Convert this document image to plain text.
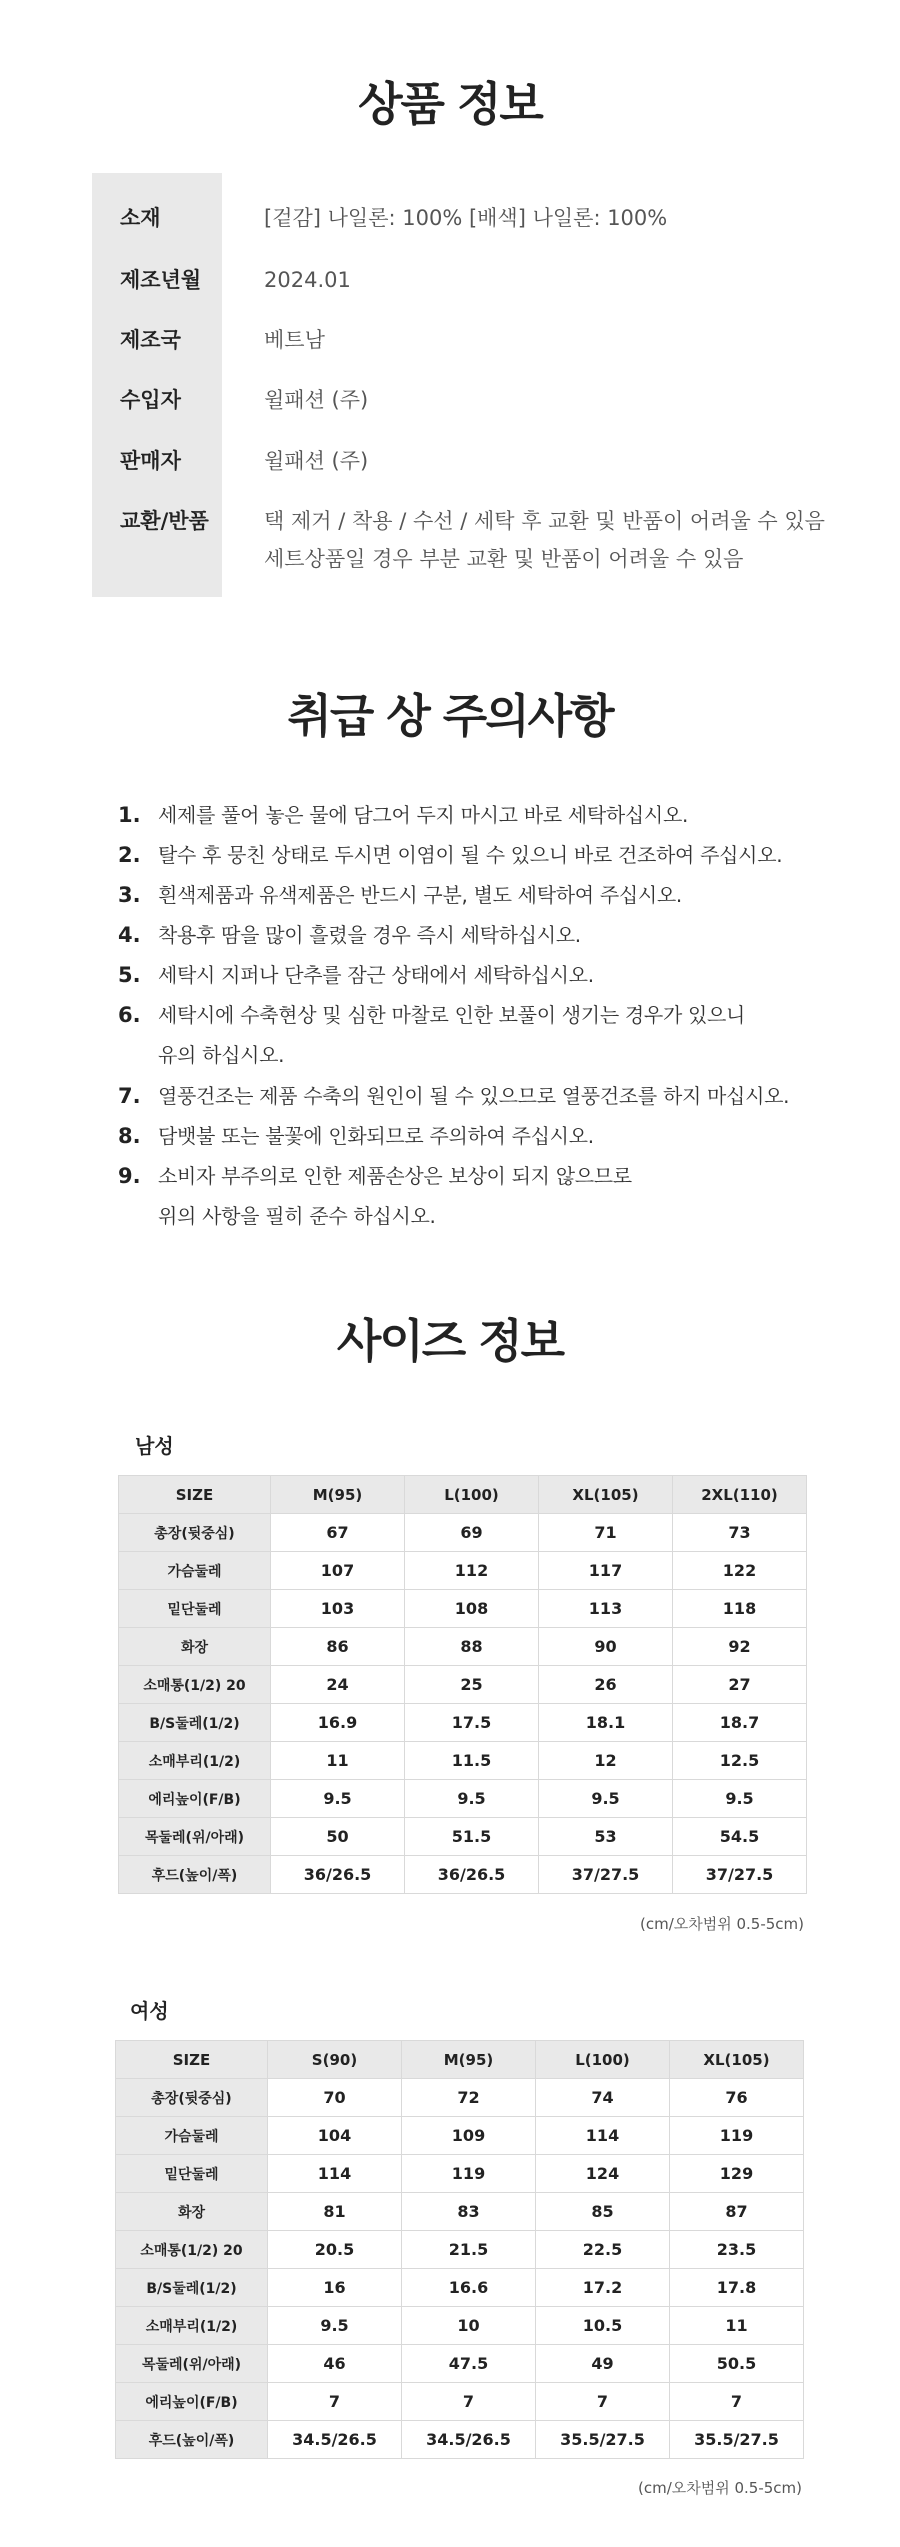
상품 정보
소재	[겉감] 나일론: 100% [배색] 나일론: 100%
제조년월	2024.01
제조국	베트남
수입자	윌패션 (주)
판매자	윌패션 (주)
교환/반품	택 제거 / 착용 / 수선 / 세탁 후 교환 및 반품이 어려울 수 있음
세트상품일 경우 부분 교환 및 반품이 어려울 수 있음
취급 상 주의사항
1. 세제를 풀어 놓은 물에 담그어 두지 마시고 바로 세탁하십시오.
2. 탈수 후 뭉친 상태로 두시면 이염이 될 수 있으니 바로 건조하여 주십시오.
3. 흰색제품과 유색제품은 반드시 구분, 별도 세탁하여 주십시오.
4. 착용후 땀을 많이 흘렸을 경우 즉시 세탁하십시오.
5. 세탁시 지퍼나 단추를 잠근 상태에서 세탁하십시오.
6. 세탁시에 수축현상 및 심한 마찰로 인한 보풀이 생기는 경우가 있으니
유의 하십시오.
7. 열풍건조는 제품 수축의 원인이 될 수 있으므로 열풍건조를 하지 마십시오.
8. 담뱃불 또는 불꽃에 인화되므로 주의하여 주십시오.
9. 소비자 부주의로 인한 제품손상은 보상이 되지 않으므로
위의 사항을 필히 준수 하십시오.
사이즈 정보
남성
SIZE	M(95)	L(100)	XL(105)	2XL(110)
총장(뒷중심)	67	69	71	73
가슴둘레	107	112	117	122
밑단둘레	103	108	113	118
화장	86	88	90	92
소매통(1/2) 20	24	25	26	27
B/S둘레(1/2)	16.9	17.5	18.1	18.7
소매부리(1/2)	11	11.5	12	12.5
에리높이(F/B)	9.5	9.5	9.5	9.5
목둘레(위/아래)	50	51.5	53	54.5
후드(높이/폭)	36/26.5	36/26.5	37/27.5	37/27.5
(cm/오차범위 0.5-5cm)
여성
SIZE	S(90)	M(95)	L(100)	XL(105)
총장(뒷중심)	70	72	74	76
가슴둘레	104	109	114	119
밑단둘레	114	119	124	129
화장	81	83	85	87
소매통(1/2) 20	20.5	21.5	22.5	23.5
B/S둘레(1/2)	16	16.6	17.2	17.8
소매부리(1/2)	9.5	10	10.5	11
목둘레(위/아래)	46	47.5	49	50.5
에리높이(F/B)	7	7	7	7
후드(높이/폭)	34.5/26.5	34.5/26.5	35.5/27.5	35.5/27.5
(cm/오차범위 0.5-5cm)
